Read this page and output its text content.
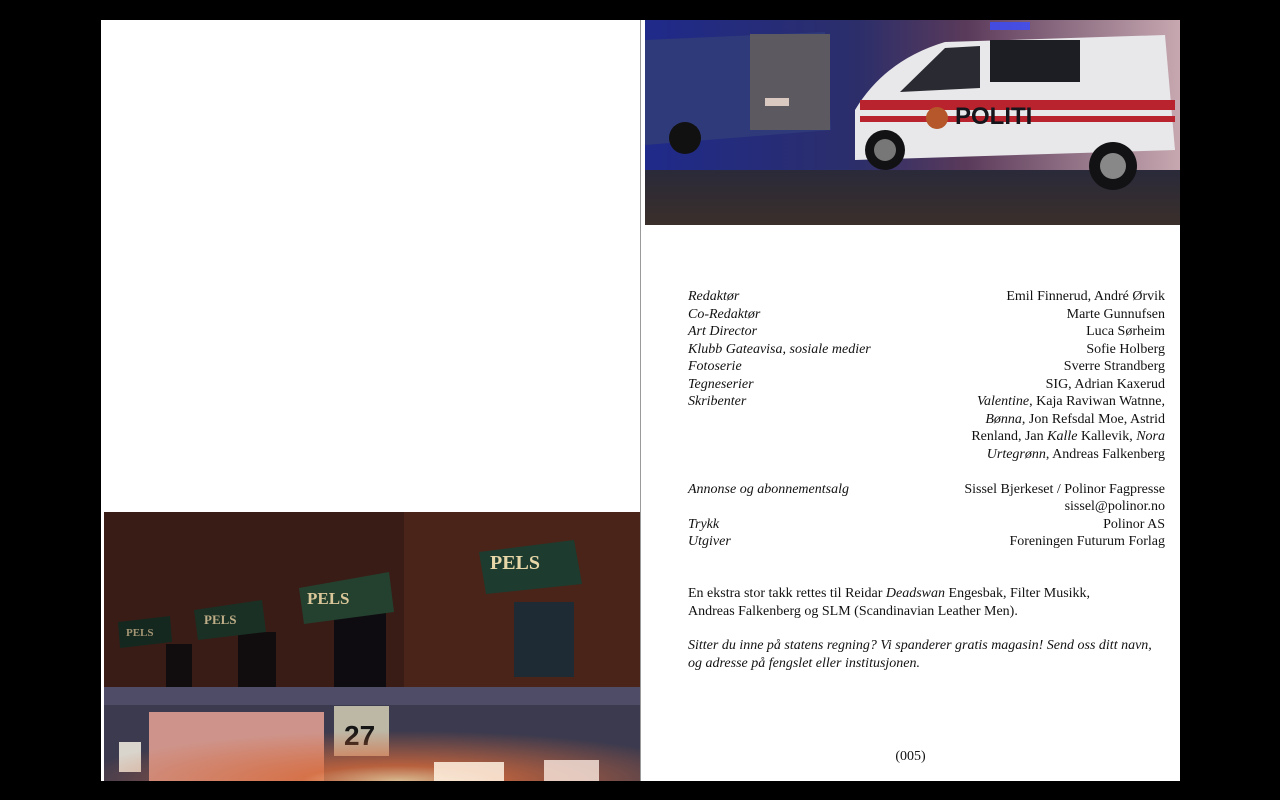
PELS
PELS
PELS
PELS
POLITI
Redaktør	Emil Finnerud, André Ørvik
Co-Redaktør	Marte Gunnufsen
Art Director	Luca Sørheim
Klubb Gateavisa, sosiale medier	Sofie Holberg
Fotoserie	Sverre Strandberg
Tegneserier	SIG, Adrian Kaxerud
Skribenter	Valentine, Kaja Raviwan Watnne, Bønna, Jon Refsdal Moe, Astrid Renland, Jan Kalle Kallevik, Nora Urtegrønn, Andreas Falkenberg
Annonse og abonnementsalg	Sissel Bjerkeset / Polinor Fagpresse
sissel@polinor.no
Trykk	Polinor AS
Utgiver	Foreningen Futurum Forlag

En ekstra stor takk rettes til Reidar Deadswan Engesbak, Filter Musikk,

Andreas Falkenberg og SLM (Scandinavian Leather Men).

Sitter du inne på statens regning? Vi spanderer gratis magasin! Send oss ditt navn,

og adresse på fengslet eller institusjonen.

(005)
